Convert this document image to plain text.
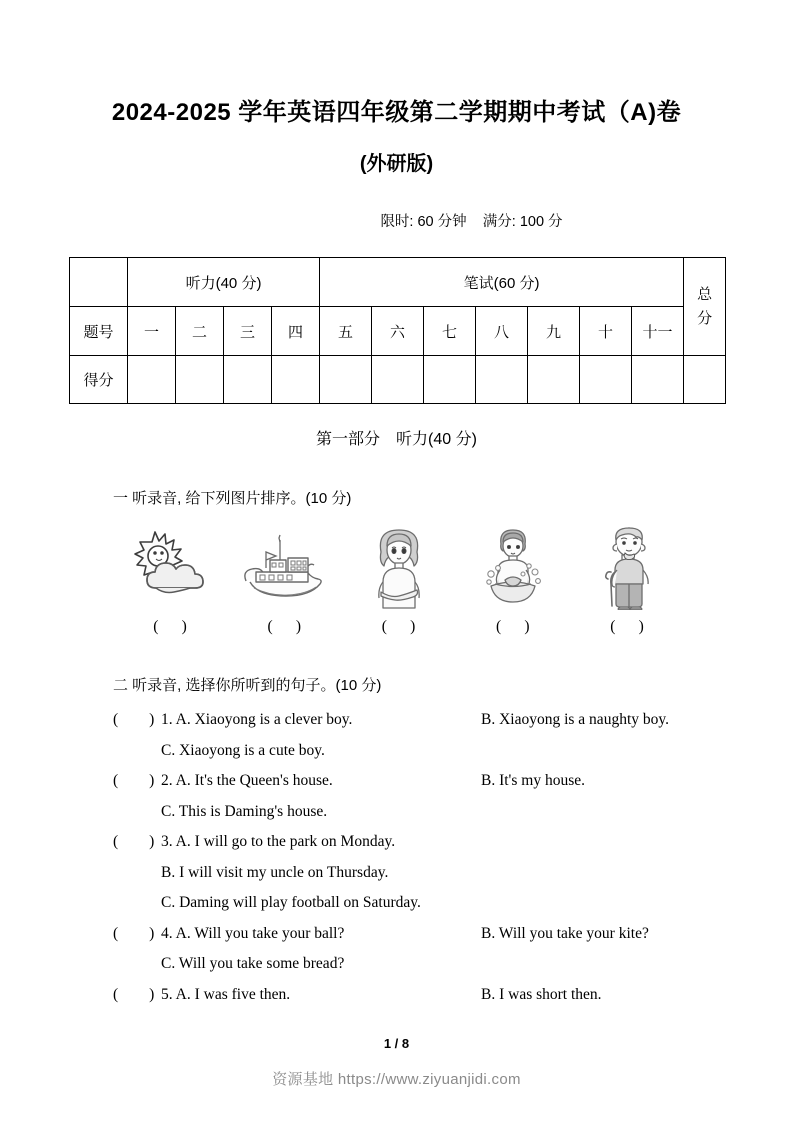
2024-2025 学年英语四年级第二学期期中考试（A)卷
(外研版)
限时: 60 分钟    满分: 100 分
	听力(40 分)				笔试(60 分)							总
分

题号	一	二	三	四	五	六	七	八	九	十	十一	
得分												
第一部分　听力(40 分)
一 听录音, 给下列图片排序。(10 分)
(      )	(      )	(      )	(      )	(      )
二 听录音, 选择你所听到的句子。(10 分)
(        ) 1. A. Xiaoyong is a clever boy.	B. Xiaoyong is a naughty boy.
C. Xiaoyong is a cute boy.
(        ) 2. A. It's the Queen's house.	B. It's my house.
C. This is Daming's house.
(        ) 3. A. I will go to the park on Monday.
B. I will visit my uncle on Thursday.
C. Daming will play football on Saturday.
(        ) 4. A. Will you take your ball?	B. Will you take your kite?
C. Will you take some bread?
(        ) 5. A. I was five then.	B. I was short then.
1 / 8
资源基地 https://www.ziyuanjidi.com
